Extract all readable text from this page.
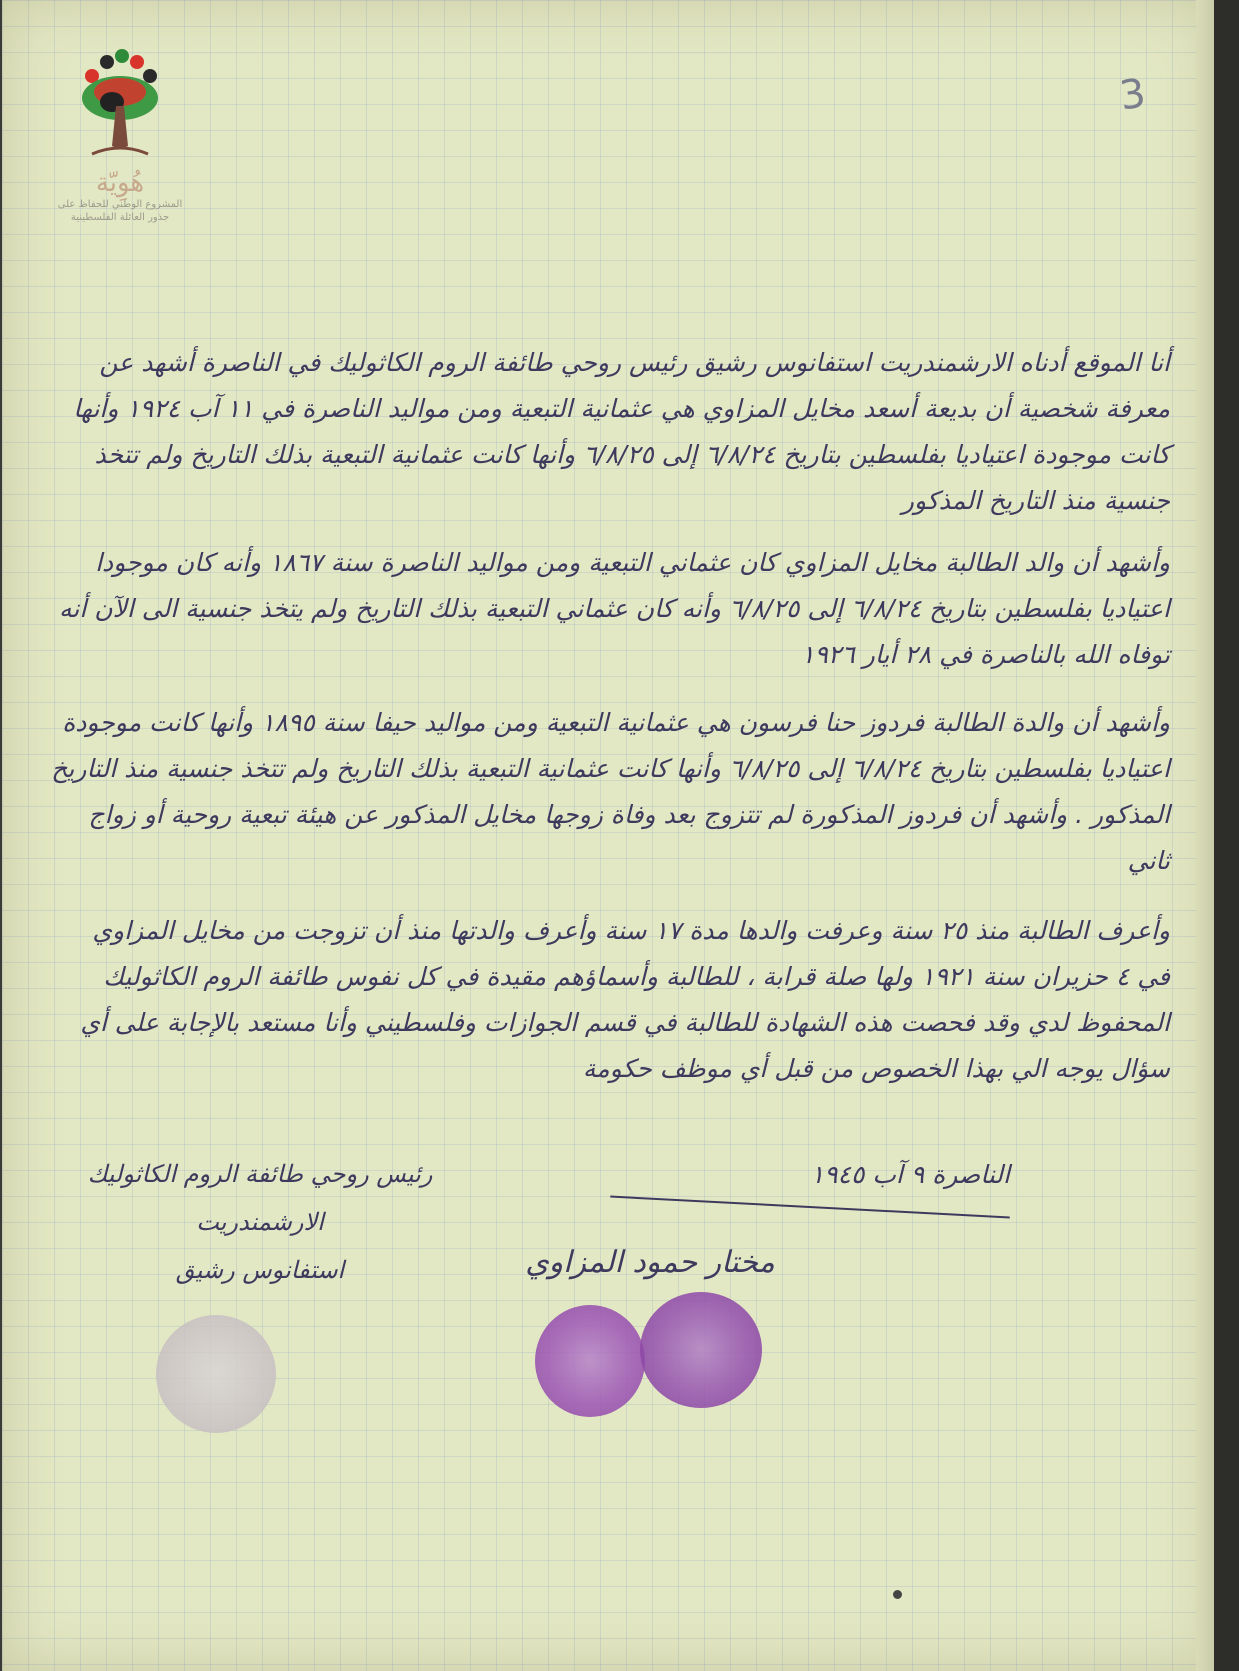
3
هُوِيّة
المشروع الوطني للحفاظ على
جذور العائلة الفلسطينية
أنا الموقع أدناه الارشمندريت استفانوس رشيق رئيس روحي طائفة الروم الكاثوليك في الناصرة أشهد عن معرفة شخصية أن بديعة أسعد مخايل المزاوي هي عثمانية التبعية ومن مواليد الناصرة في ١١ آب ١٩٢٤ وأنها كانت موجودة اعتياديا بفلسطين بتاريخ ٦/٨/٢٤ إلى ٦/٨/٢٥ وأنها كانت عثمانية التبعية بذلك التاريخ ولم تتخذ جنسية منذ التاريخ المذكور
وأشهد أن والد الطالبة مخايل المزاوي كان عثماني التبعية ومن مواليد الناصرة سنة ١٨٦٧ وأنه كان موجودا اعتياديا بفلسطين بتاريخ ٦/٨/٢٤ إلى ٦/٨/٢٥ وأنه كان عثماني التبعية بذلك التاريخ ولم يتخذ جنسية الى الآن أنه توفاه الله بالناصرة في ٢٨ أيار ١٩٢٦
وأشهد أن والدة الطالبة فردوز حنا فرسون هي عثمانية التبعية ومن مواليد حيفا سنة ١٨٩٥ وأنها كانت موجودة اعتياديا بفلسطين بتاريخ ٦/٨/٢٤ إلى ٦/٨/٢٥ وأنها كانت عثمانية التبعية بذلك التاريخ ولم تتخذ جنسية منذ التاريخ المذكور . وأشهد أن فردوز المذكورة لم تتزوج بعد وفاة زوجها مخايل المذكور عن هيئة تبعية روحية أو زواج ثاني
وأعرف الطالبة منذ ٢٥ سنة وعرفت والدها مدة ١٧ سنة وأعرف والدتها منذ أن تزوجت من مخايل المزاوي في ٤ حزيران سنة ١٩٢١ ولها صلة قرابة ، للطالبة وأسماؤهم مقيدة في كل نفوس طائفة الروم الكاثوليك المحفوظ لدي وقد فحصت هذه الشهادة للطالبة في قسم الجوازات وفلسطيني وأنا مستعد بالإجابة على أي سؤال يوجه الي بهذا الخصوص من قبل أي موظف حكومة
الناصرة ٩ آب ١٩٤٥
رئيس روحي طائفة الروم الكاثوليك
الارشمندريت
استفانوس رشيق	مختار حمود المزاوي
